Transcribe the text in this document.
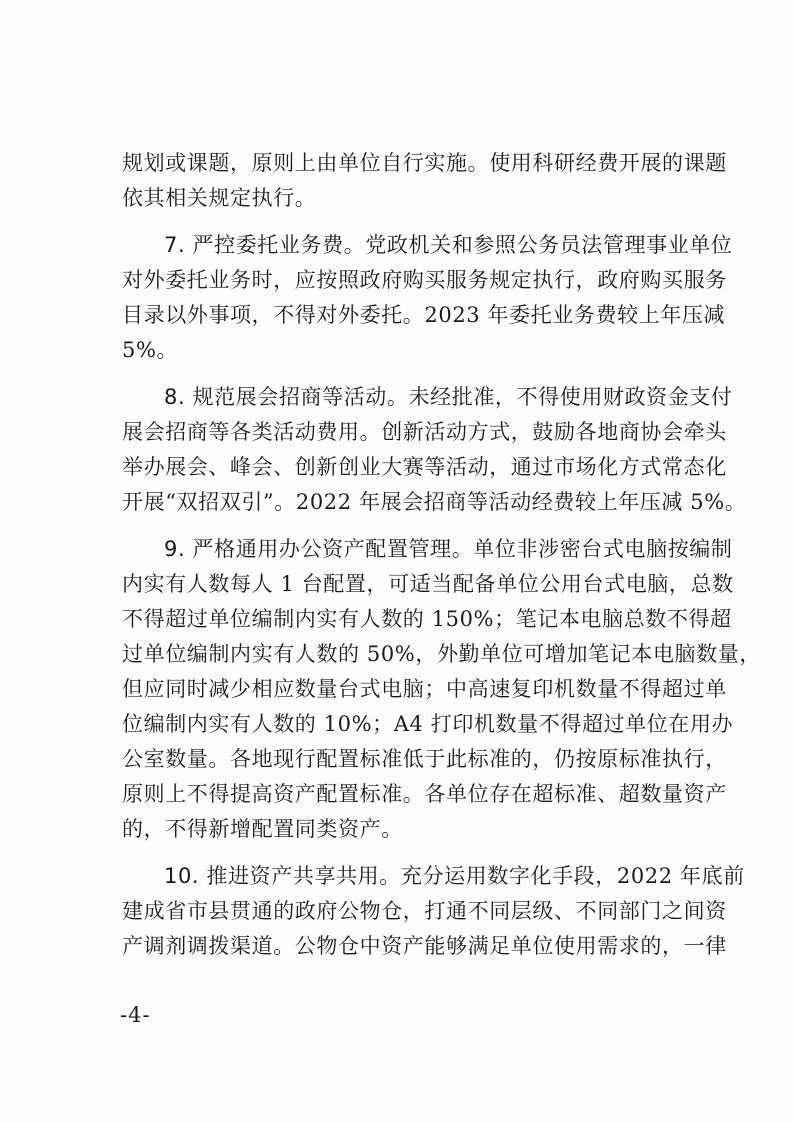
规划或课题，原则上由单位自行实施。使用科研经费开展的课题
依其相关规定执行。
7. 严控委托业务费。党政机关和参照公务员法管理事业单位
对外委托业务时，应按照政府购买服务规定执行，政府购买服务
目录以外事项，不得对外委托。2023 年委托业务费较上年压减
5%。
8. 规范展会招商等活动。未经批准，不得使用财政资金支付
展会招商等各类活动费用。创新活动方式，鼓励各地商协会牵头
举办展会、峰会、创新创业大赛等活动，通过市场化方式常态化
开展“双招双引”。2022 年展会招商等活动经费较上年压减 5%。
9. 严格通用办公资产配置管理。单位非涉密台式电脑按编制
内实有人数每人 1 台配置，可适当配备单位公用台式电脑，总数
不得超过单位编制内实有人数的 150%；笔记本电脑总数不得超
过单位编制内实有人数的 50%，外勤单位可增加笔记本电脑数量，
但应同时减少相应数量台式电脑；中高速复印机数量不得超过单
位编制内实有人数的 10%；A4 打印机数量不得超过单位在用办
公室数量。各地现行配置标准低于此标准的，仍按原标准执行，
原则上不得提高资产配置标准。各单位存在超标准、超数量资产
的，不得新增配置同类资产。
10. 推进资产共享共用。充分运用数字化手段，2022 年底前
建成省市县贯通的政府公物仓，打通不同层级、不同部门之间资
产调剂调拨渠道。公物仓中资产能够满足单位使用需求的，一律
-4-
